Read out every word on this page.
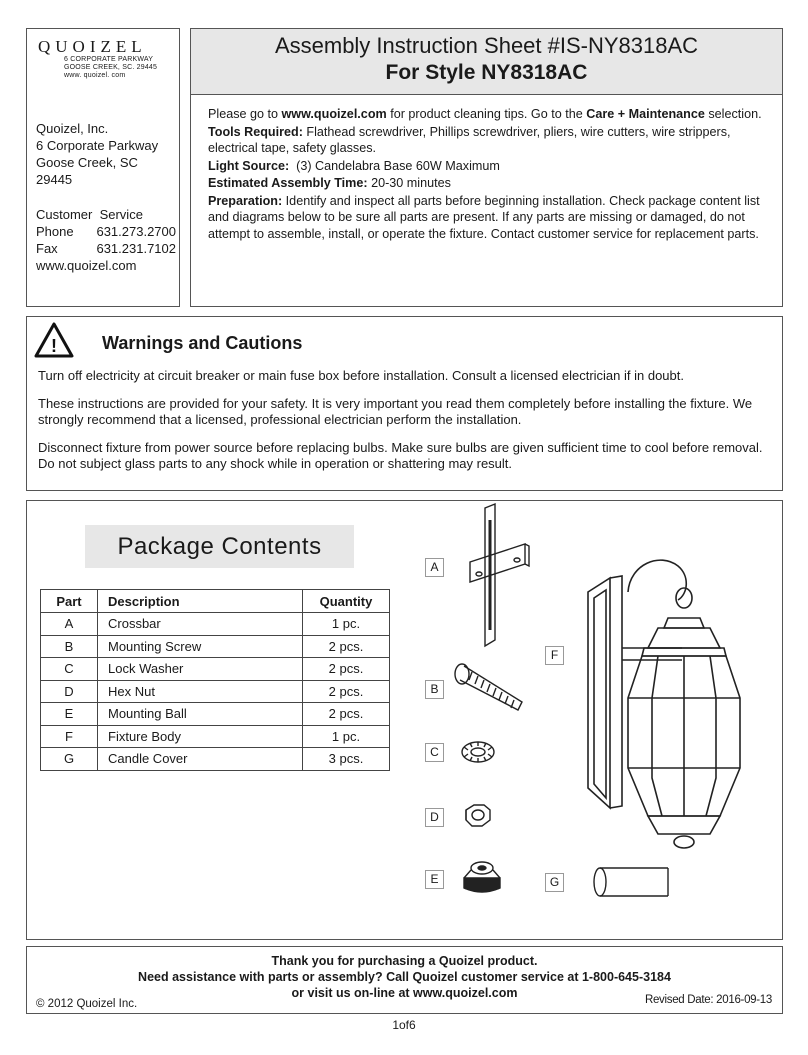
QUOIZEL
6 CORPORATE PARKWAY
GOOSE CREEK, SC. 29445
www. quoizel. com
Quoizel, Inc.
6 Corporate Parkway
Goose Creek, SC
29445
Customer  Service
Phone 631.273.2700
Fax	631.231.7102
www.quoizel.com
Assembly Instruction Sheet #IS-NY8318AC
For Style NY8318AC

Please go to www.quoizel.com for product cleaning tips. Go to the Care + Maintenance selection.

Tools Required: Flathead screwdriver, Phillips screwdriver, pliers, wire cutters, wire strippers, electrical tape, safety glasses.

Light Source:  (3) Candelabra Base 60W Maximum

Estimated Assembly Time: 20-30 minutes

Preparation: Identify and inspect all parts before beginning installation. Check package content list and diagrams below to be sure all parts are present. If any parts are missing or damaged, do not attempt to assemble, install, or operate the fixture. Contact customer service for replacement parts.

!	Warnings and Cautions

Turn off electricity at circuit breaker or main fuse box before installation. Consult a licensed electrician if in doubt.

These instructions are provided for your safety. It is very important you read them completely before installing the fixture. We strongly recommend that a licensed, professional electrician perform the installation.

Disconnect fixture from power source before replacing bulbs. Make sure bulbs are given sufficient time to cool before removal. Do not subject glass parts to any shock while in operation or shattering may result.

Package Contents
Part	Description	Quantity
A	Crossbar	1 pc.
B	Mounting Screw	2 pcs.
C	Lock Washer	2 pcs.
D	Hex Nut	2 pcs.
E	Mounting Ball	2 pcs.
F	Fixture Body	1 pc.
G	Candle Cover	3 pcs.
A
B
C
D
E	G
F
Thank you for purchasing a Quoizel product.
Need assistance with parts or assembly? Call Quoizel customer service at 1-800-645-3184
or visit us on-line at www.quoizel.com
© 2012 Quoizel Inc.	Revised Date: 2016-09-13
1of6
